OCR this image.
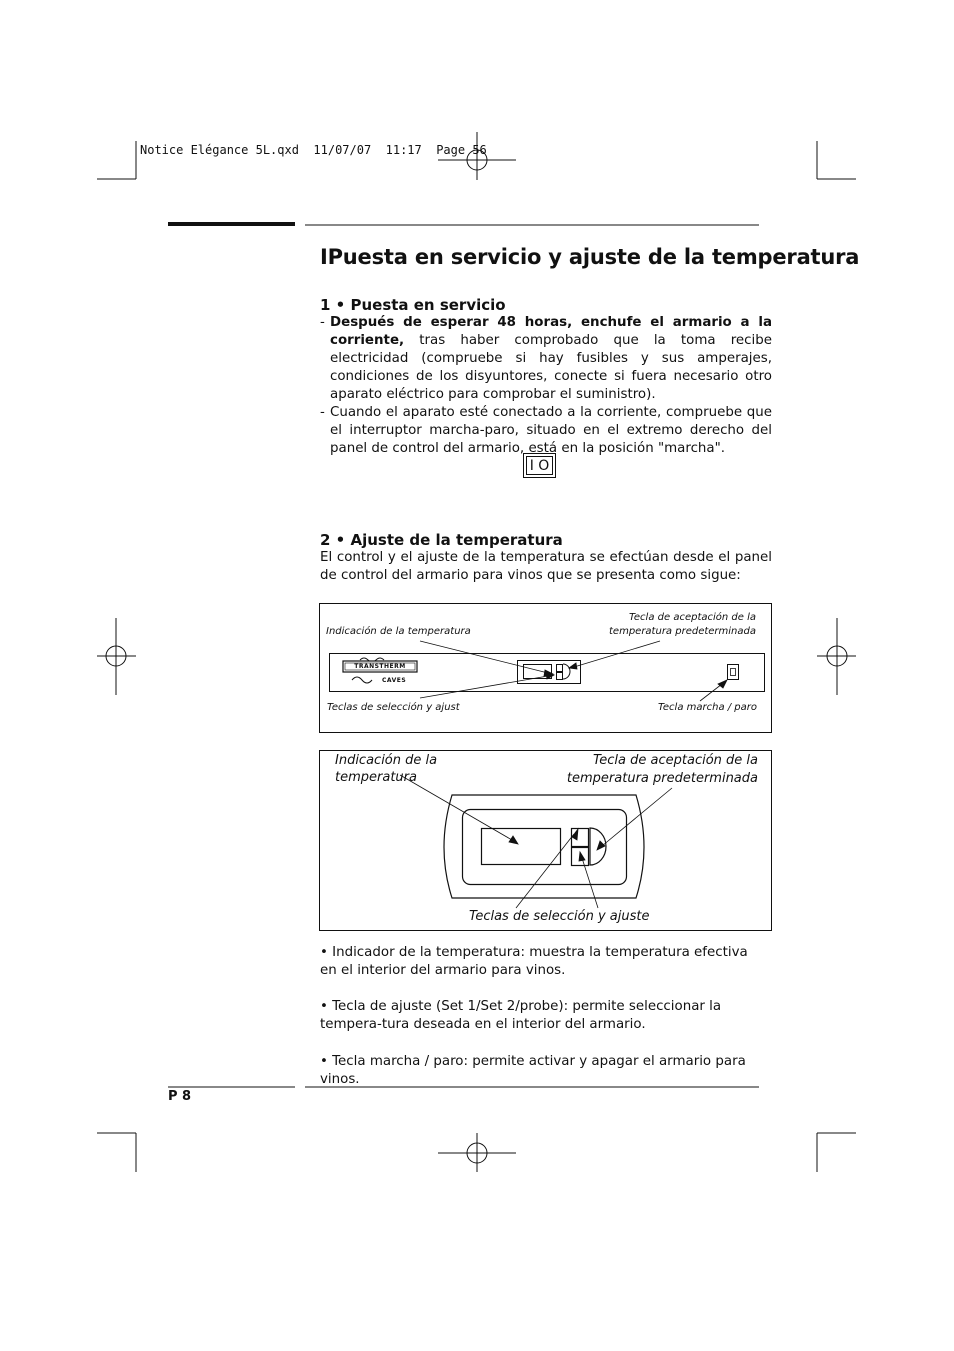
Notice Elégance 5L.qxd  11/07/07  11:17  Page 56
IPuesta en servicio y ajuste de la temperatura
1 • Puesta en servicio
- Después de esperar 48 horas, enchufe el armario a la corriente, tras haber comprobado que la toma recibe electricidad (compruebe si hay fusibles y sus amperajes, condiciones de los disyuntores, conecte si fuera necesario otro aparato eléctrico para comprobar el suministro).
- Cuando el aparato esté conectado a la corriente, compruebe que el interruptor marcha-paro, situado en el extremo derecho del panel de control del armario, está en la posición "marcha".
I O
2 • Ajuste de la temperatura
El control y el ajuste de la temperatura se efectúan desde el panel de control del armario para vinos que se presenta como sigue:
Indicación de la temperatura
Tecla de aceptación de la
temperatura predeterminada
Teclas de selección y ajust	Tecla marcha / paro
TRANSTHERM
CAVES
Indicación de la
temperatura
Tecla de aceptación de la
temperatura predeterminada
Teclas de selección y ajuste
• Indicador de la temperatura: muestra la temperatura efectiva en el interior del armario para vinos.
• Tecla de ajuste (Set 1/Set 2/probe): permite seleccionar la tempera-tura deseada en el interior del armario.
• Tecla marcha / paro: permite activar y apagar el armario para vinos.
P 8
